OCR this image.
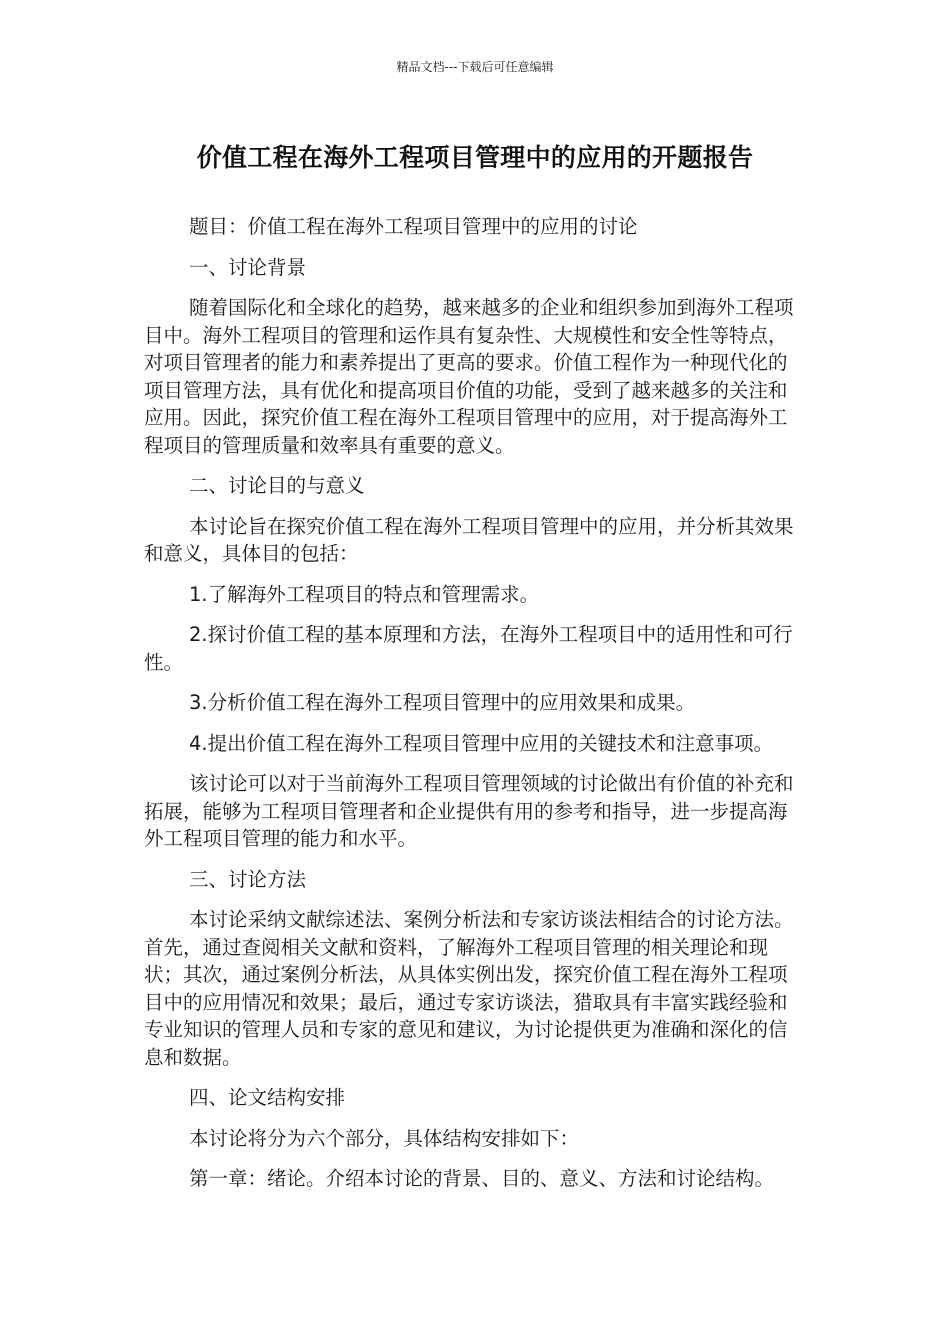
精品文档---下载后可任意编辑
价值工程在海外工程项目管理中的应用的开题报告

题目：价值工程在海外工程项目管理中的应用的讨论

一、讨论背景

随着国际化和全球化的趋势，越来越多的企业和组织参加到海外工程项目中。海外工程项目的管理和运作具有复杂性、大规模性和安全性等特点，对项目管理者的能力和素养提出了更高的要求。价值工程作为一种现代化的项目管理方法，具有优化和提高项目价值的功能，受到了越来越多的关注和应用。因此，探究价值工程在海外工程项目管理中的应用，对于提高海外工程项目的管理质量和效率具有重要的意义。

二、讨论目的与意义

本讨论旨在探究价值工程在海外工程项目管理中的应用，并分析其效果和意义，具体目的包括：

1.了解海外工程项目的特点和管理需求。

2.探讨价值工程的基本原理和方法，在海外工程项目中的适用性和可行性。

3.分析价值工程在海外工程项目管理中的应用效果和成果。

4.提出价值工程在海外工程项目管理中应用的关键技术和注意事项。

该讨论可以对于当前海外工程项目管理领域的讨论做出有价值的补充和拓展，能够为工程项目管理者和企业提供有用的参考和指导，进一步提高海外工程项目管理的能力和水平。

三、讨论方法

本讨论采纳文献综述法、案例分析法和专家访谈法相结合的讨论方法。首先，通过查阅相关文献和资料，了解海外工程项目管理的相关理论和现状；其次，通过案例分析法，从具体实例出发，探究价值工程在海外工程项目中的应用情况和效果；最后，通过专家访谈法，猎取具有丰富实践经验和专业知识的管理人员和专家的意见和建议，为讨论提供更为准确和深化的信息和数据。

四、论文结构安排

本讨论将分为六个部分，具体结构安排如下：

第一章：绪论。介绍本讨论的背景、目的、意义、方法和讨论结构。
